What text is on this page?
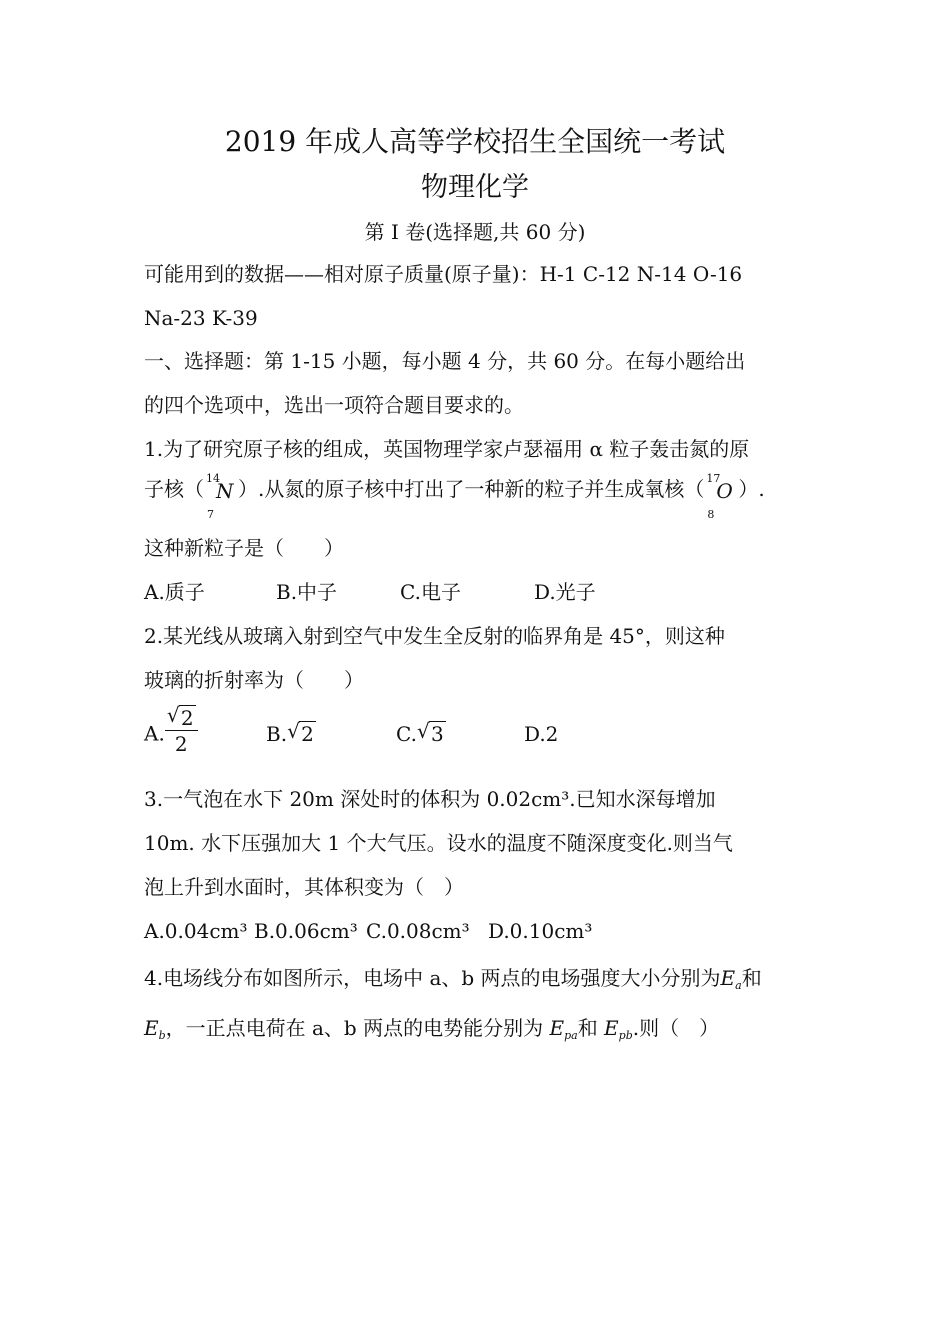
2019 年成人高等学校招生全国统一考试
物理化学
第 I 卷(选择题,共 60 分)
可能用到的数据——相对原子质量(原子量)：H-1 C-12 N-14 O-16
Na-23 K-39
一、选择题：第 1-15 小题，每小题 4 分，共 60 分。在每小题给出
的四个选项中，选出一项符合题目要求的。
1.为了研究原子核的组成，英国物理学家卢瑟福用 α 粒子轰击氮的原
子核（ 14
7
N ）.从氮的原子核中打出了一种新的粒子并生成氧核（ 17
8
O ）.
这种新粒子是（　　）
A.质子	B.中子	C.电子	D.光子
2.某光线从玻璃入射到空气中发生全反射的临界角是 45°，则这种
玻璃的折射率为（　　）
A. $\frac{√ 2}{2}$	B. √ 2	C. √ 3	D.2
3.一气泡在水下 20m 深处时的体积为 0.02cm³.已知水深每增加
10m. 水下压强加大 1 个大气压。设水的温度不随深度变化.则当气
泡上升到水面时，其体积变为（　）
A.0.04cm³ B.0.06cm³ C.0.08cm³ D.0.10cm³
4.电场线分布如图所示，电场中 a、b 两点的电场强度大小分别为$E_a$和
$E_b$，一正点电荷在 a、b 两点的电势能分别为 $E_{pa}$和 $E_{pb}$.则（　）
